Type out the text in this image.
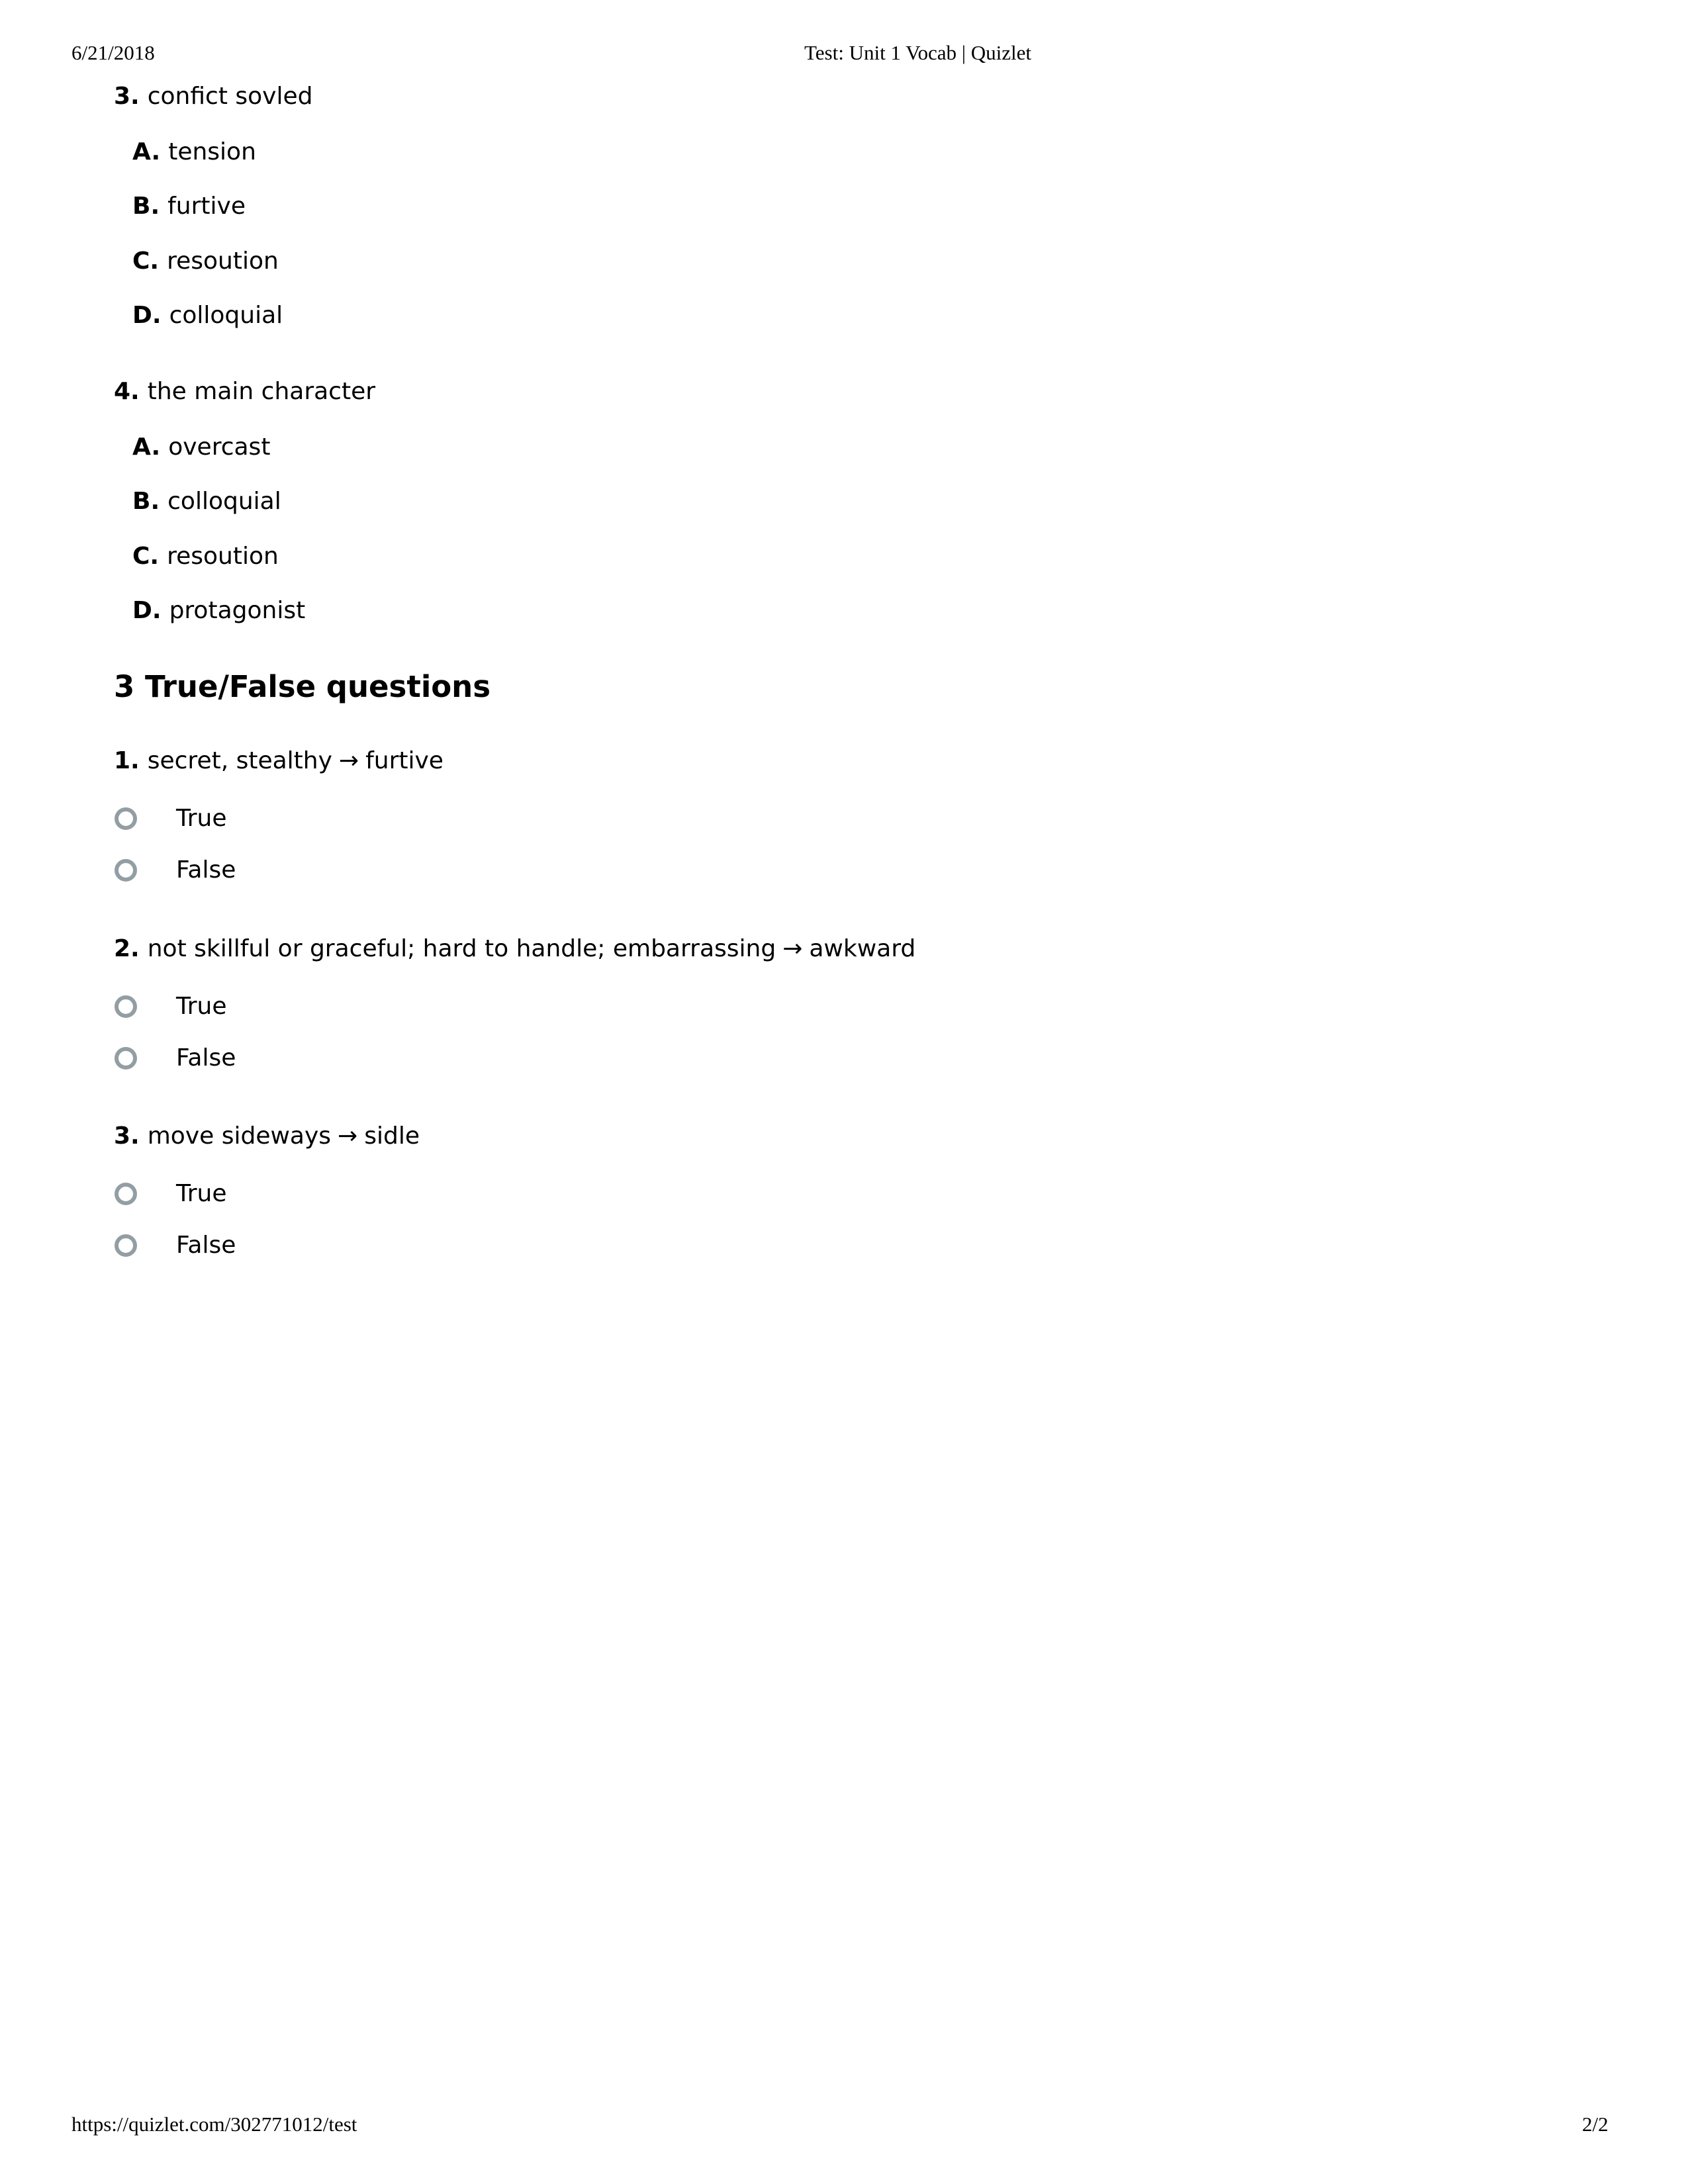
6/21/2018	Test: Unit 1 Vocab | Quizlet
3. confict sovled
A. tension
B. furtive
C. resoution
D. colloquial
4. the main character
A. overcast
B. colloquial
C. resoution
D. protagonist
3 True/False questions
1. secret, stealthy → furtive
True
False
2. not skillful or graceful; hard to handle; embarrassing → awkward
True
False
3. move sideways → sidle
True
False
https://quizlet.com/302771012/test	2/2
